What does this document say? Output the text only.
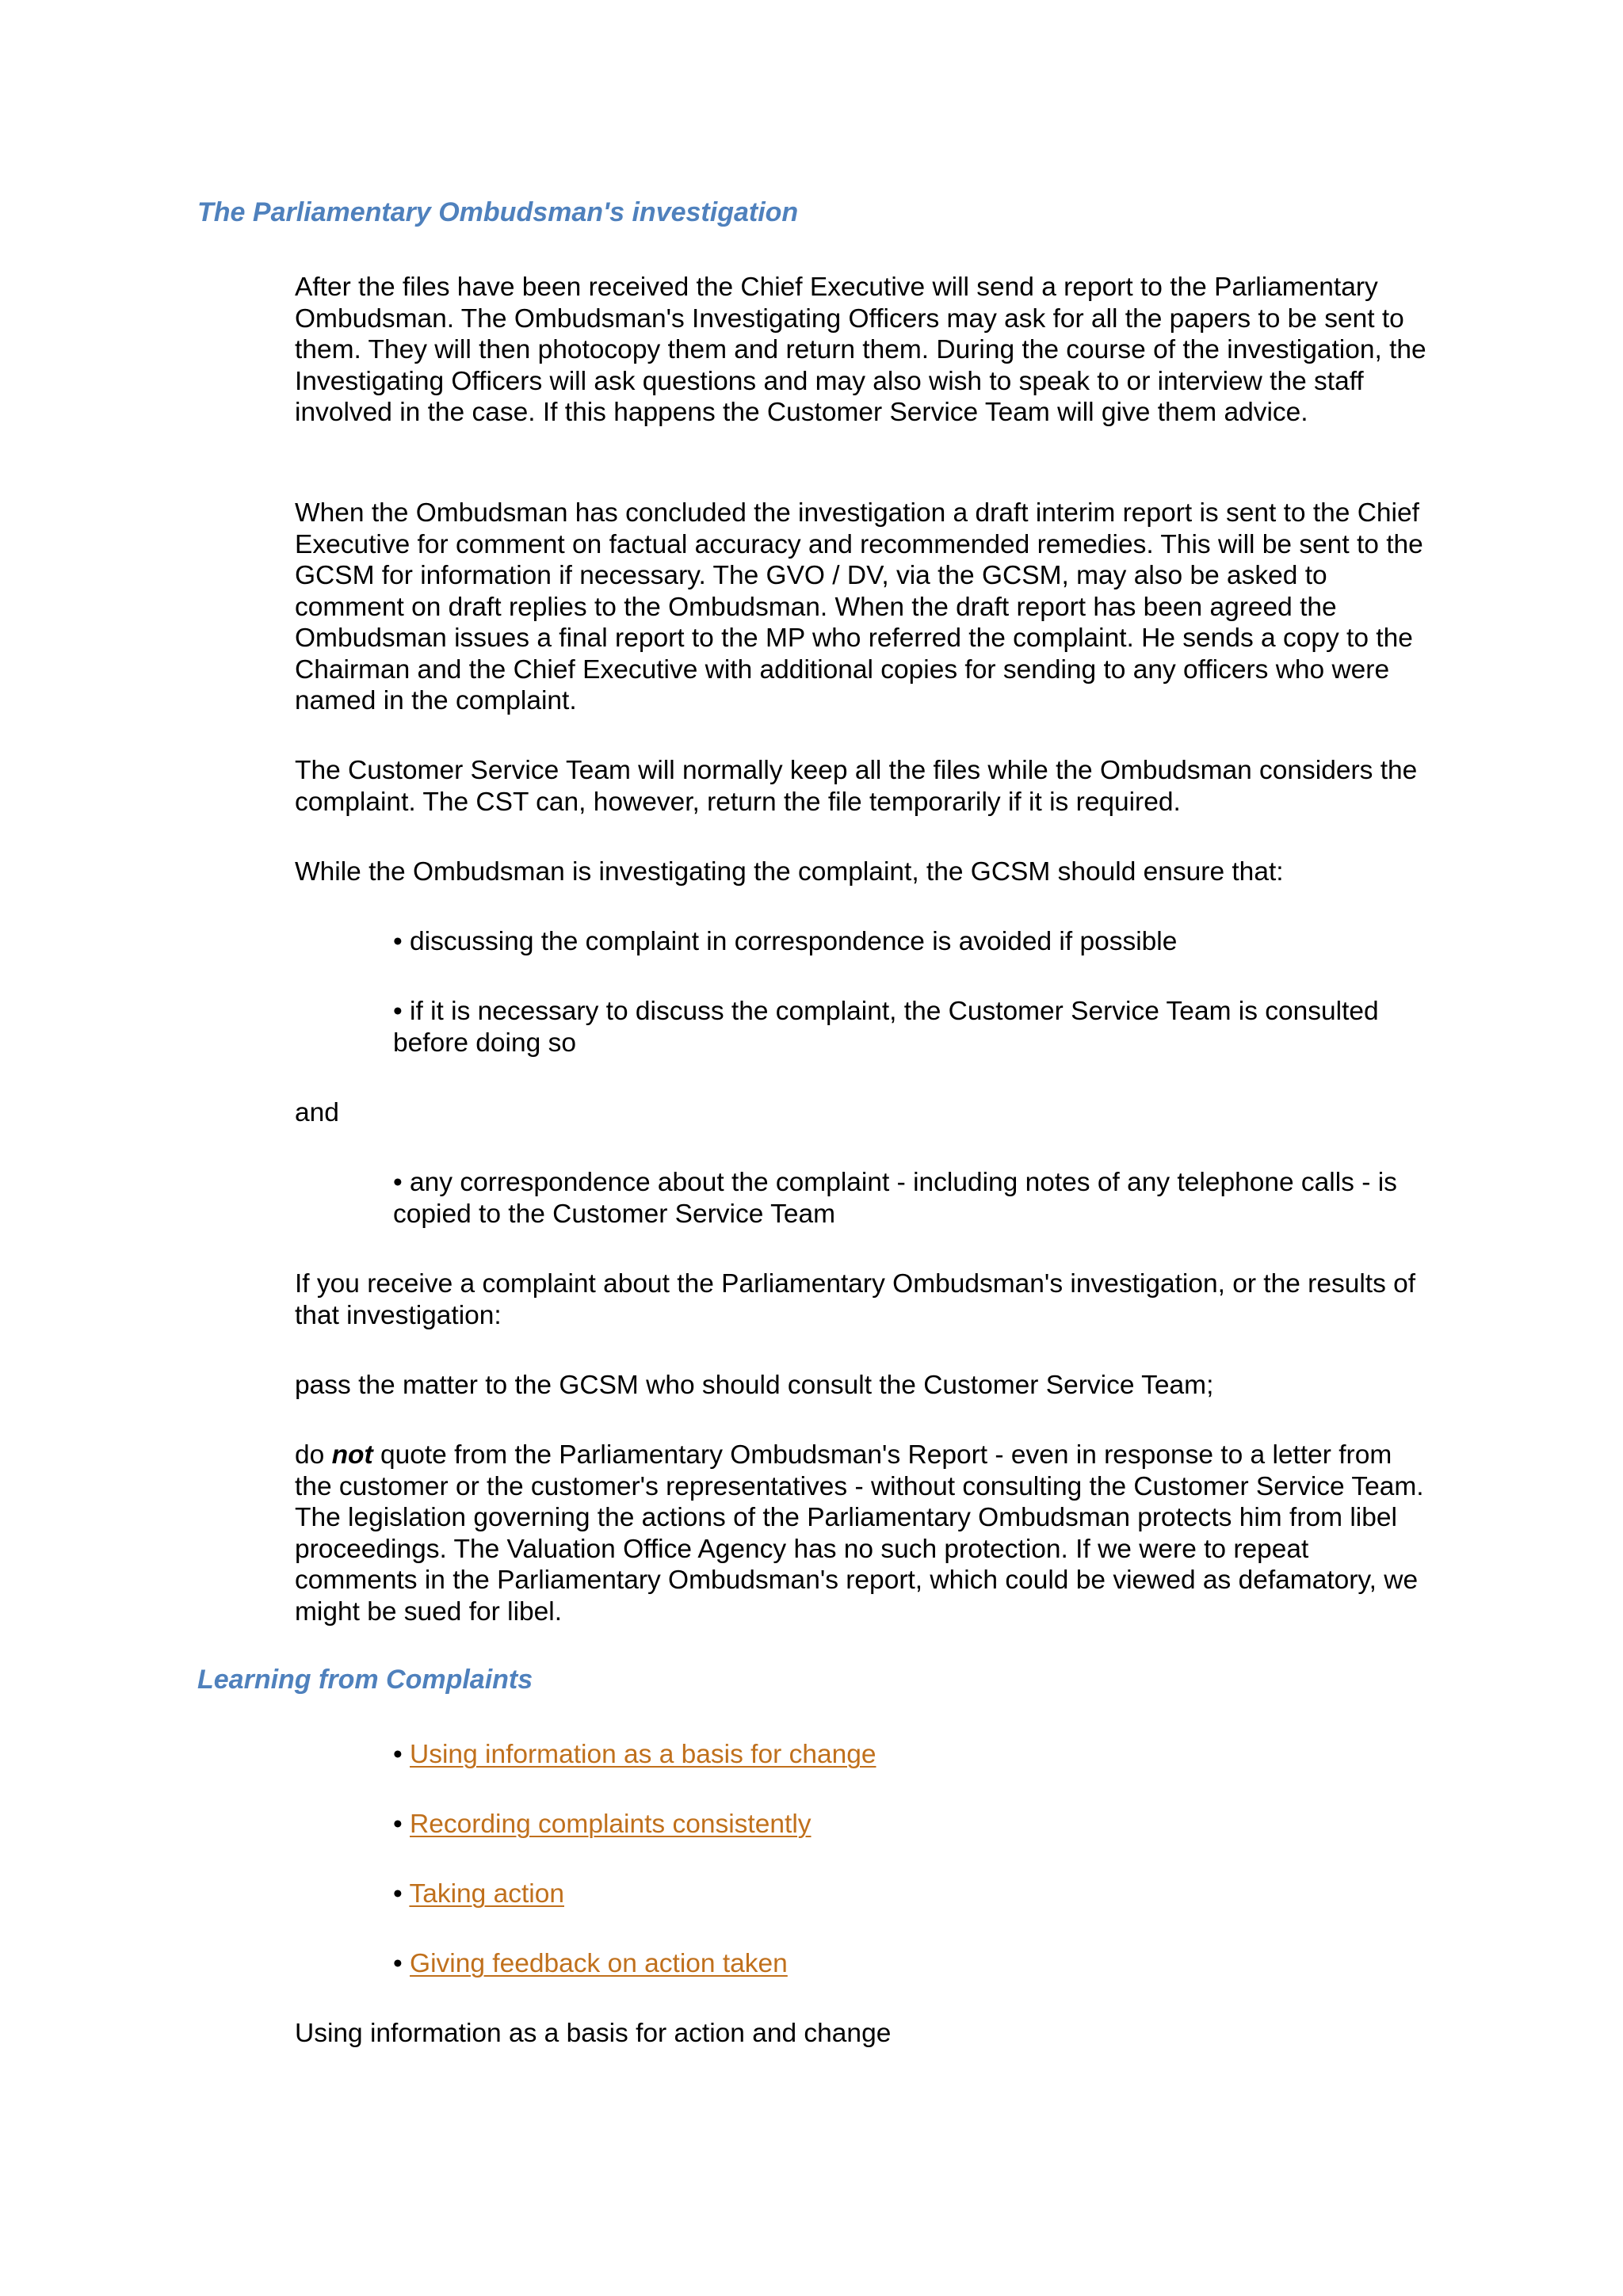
The Parliamentary Ombudsman's investigation

After the files have been received the Chief Executive will send a report to the Parliamentary Ombudsman. The Ombudsman's Investigating Officers may ask for all the papers to be sent to them. They will then photocopy them and return them. During the course of the investigation, the Investigating Officers will ask questions and may also wish to speak to or interview the staff involved in the case. If this happens the Customer Service Team will give them advice.

When the Ombudsman has concluded the investigation a draft interim report is sent to the Chief Executive for comment on factual accuracy and recommended remedies. This will be sent to the GCSM for information if necessary. The GVO / DV, via the GCSM, may also be asked to comment on draft replies to the Ombudsman. When the draft report has been agreed the Ombudsman issues a final report to the MP who referred the complaint. He sends a copy to the Chairman and the Chief Executive with additional copies for sending to any officers who were named in the complaint.

The Customer Service Team will normally keep all the files while the Ombudsman considers the complaint. The CST can, however, return the file temporarily if it is required.

While the Ombudsman is investigating the complaint, the GCSM should ensure that:

• discussing the complaint in correspondence is avoided if possible

• if it is necessary to discuss the complaint, the Customer Service Team is consulted before doing so

and

• any correspondence about the complaint - including notes of any telephone calls - is copied to the Customer Service Team

If you receive a complaint about the Parliamentary Ombudsman's investigation, or the results of that investigation:

pass the matter to the GCSM who should consult the Customer Service Team;

do not quote from the Parliamentary Ombudsman's Report - even in response to a letter from the customer or the customer's representatives - without consulting the Customer Service Team. The legislation governing the actions of the Parliamentary Ombudsman protects him from libel proceedings. The Valuation Office Agency has no such protection. If we were to repeat comments in the Parliamentary Ombudsman's report, which could be viewed as defamatory, we might be sued for libel.

Learning from Complaints

• Using information as a basis for change

• Recording complaints consistently

• Taking action

• Giving feedback on action taken

Using information as a basis for action and change
